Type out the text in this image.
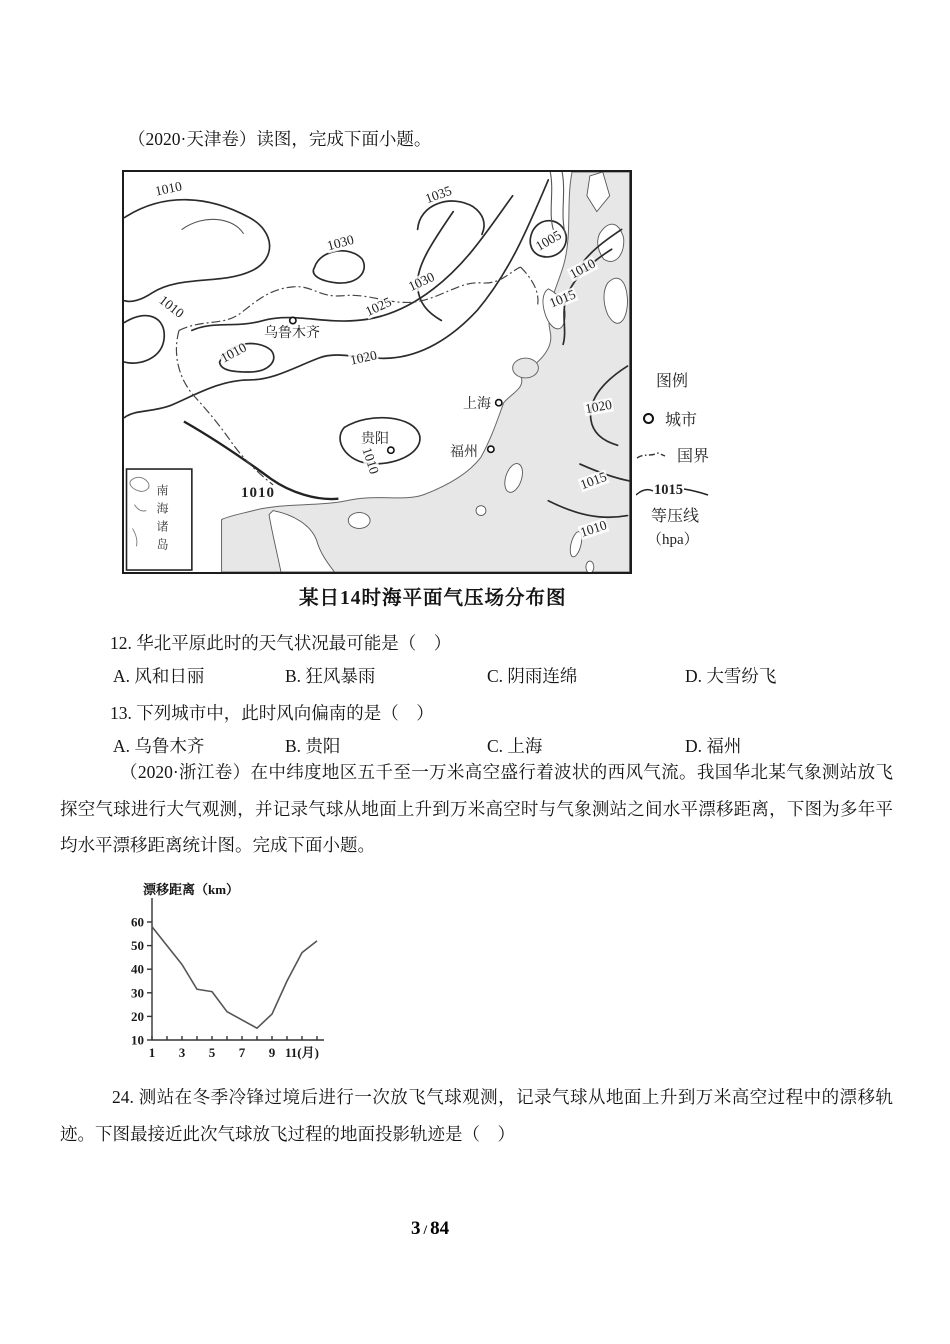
（2020·天津卷）读图，完成下面小题。
1010	1035
1030
1030
1025
1005
1010
1015
1010
1010	1020
1020
1010
1010
1015
1010
乌鲁木齐
上海
贵阳
福州
南海诸岛
图例
城市
国界
1015
等压线
（hpa）
某日14时海平面气压场分布图
12. 华北平原此时的天气状况最可能是（　）
A. 风和日丽	B. 狂风暴雨	C. 阴雨连绵	D. 大雪纷飞
13. 下列城市中，此时风向偏南的是（　）
A. 乌鲁木齐	B. 贵阳	C. 上海	D. 福州
（2020·浙江卷）在中纬度地区五千至一万米高空盛行着波状的西风气流。我国华北某气象测站放飞探空气球进行大气观测，并记录气球从地面上升到万米高空时与气象测站之间水平漂移距离，下图为多年平均水平漂移距离统计图。完成下面小题。
漂移距离（km）
10
20
30
40
50
60
1 3 5 7 9 11(月)
24. 测站在冬季冷锋过境后进行一次放飞气球观测，记录气球从地面上升到万米高空过程中的漂移轨迹。下图最接近此次气球放飞过程的地面投影轨迹是（　）
3 / 84
